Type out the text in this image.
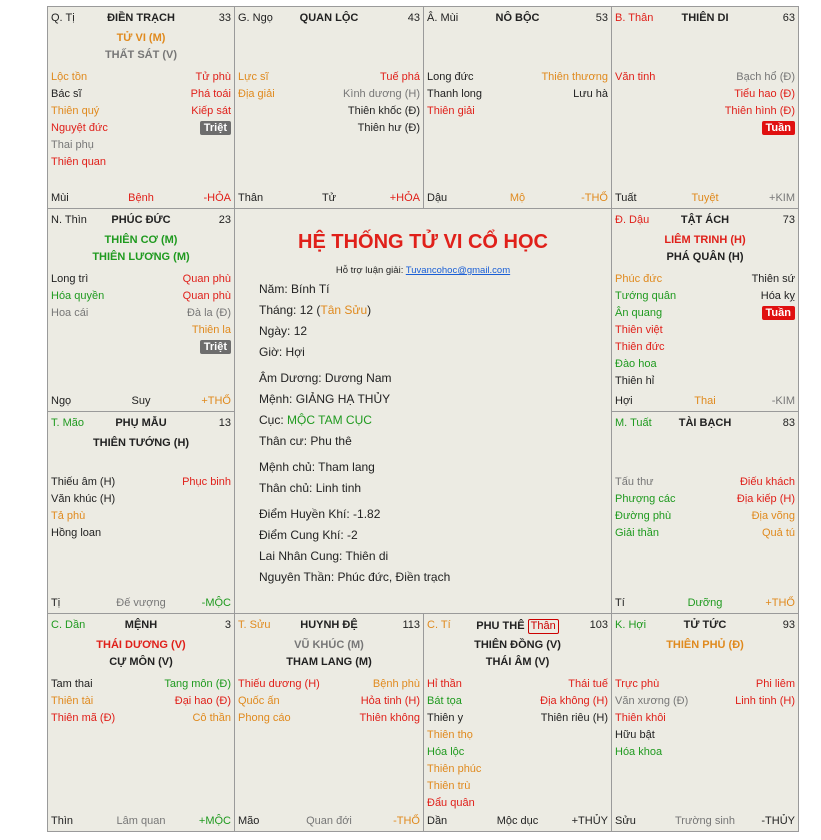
HỆ THỐNG TỬ VI CỔ HỌC
Hỗ trợ luận giải: Tuvancohoc@gmail.com
Năm: Bính Tí
Tháng: 12 (Tân Sửu)
Ngày: 12
Giờ: Hợi
Âm Dương: Dương Nam
Mệnh: GIẢNG HẠ THỦY
Cục: MỘC TAM CỤC
Thân cư: Phu thê
Mệnh chủ: Tham lang
Thân chủ: Linh tinh
Điểm Huyền Khí: -1.82
Điểm Cung Khí: -2
Lai Nhân Cung: Thiên di
Nguyên Thần: Phúc đức, Điền trạch
Q. Tị	ĐIỀN TRẠCH	33
TỬ VI (M)
THẤT SÁT (V)
Lộc tồn	Tử phù
Bác sĩ	Phá toái
Thiên quý	Kiếp sát
Nguyệt đức	Triệt
Thai phụ
Thiên quan
Mùi	Bệnh	-HỎA
G. Ngọ	QUAN LỘC	43
Lực sĩ	Tuế phá
Địa giải	Kình dương (H)
Thiên khốc (Đ)
Thiên hư (Đ)
Thân	Tử	+HỎA
Â. Mùi	NÔ BỘC	53
Long đức	Thiên thương
Thanh long	Lưu hà
Thiên giải
Dậu	Mộ	-THỔ
B. Thân	THIÊN DI	63
Văn tinh	Bạch hổ (Đ)
Tiểu hao (Đ)
Thiên hình (Đ)
Tuần
Tuất	Tuyệt	+KIM
N. Thìn	PHÚC ĐỨC	23
THIÊN CƠ (M)
THIÊN LƯƠNG (M)
Long trì	Quan phù
Hóa quyền	Quan phù
Hoa cái	Đà la (Đ)
Thiên la
Triệt
Ngọ	Suy	+THỔ
Đ. Dậu	TẬT ÁCH	73
LIÊM TRINH (H)
PHÁ QUÂN (H)
Phúc đức	Thiên sứ
Tướng quân	Hóa kỵ
Ân quang	Tuần
Thiên việt
Thiên đức
Đào hoa
Thiên hỉ
Hợi	Thai	-KIM
T. Mão	PHỤ MẪU	13
THIÊN TƯỚNG (H)
Thiếu âm (H)	Phục binh
Văn khúc (H)
Tả phù
Hồng loan
Tị	Đế vượng	-MỘC
M. Tuất	TÀI BẠCH	83
Tấu thư	Điếu khách
Phượng các	Địa kiếp (H)
Đường phù	Địa võng
Giải thần	Quả tú
Tí	Dưỡng	+THỔ
C. Dần	MỆNH	3
THÁI DƯƠNG (V)
CỰ MÔN (V)
Tam thai	Tang môn (Đ)
Thiên tài	Đại hao (Đ)
Thiên mã (Đ)	Cô thần
Thìn	Lâm quan	+MỘC
T. Sửu	HUYNH ĐỆ	113
VŨ KHÚC (M)
THAM LANG (M)
Thiếu dương (H)	Bệnh phù
Quốc ấn	Hỏa tinh (H)
Phong cáo	Thiên không
Mão	Quan đới	-THỔ
C. Tí	PHU THÊ Thân	103
THIÊN ĐỒNG (V)
THÁI ÂM (V)
Hỉ thần	Thái tuế
Bát tọa	Địa không (H)
Thiên y	Thiên riêu (H)
Thiên thọ
Hóa lộc
Thiên phúc
Thiên trù
Đẩu quân
Dần	Mộc dục	+THỦY
K. Hợi	TỬ TỨC	93
THIÊN PHỦ (Đ)
Trực phù	Phi liêm
Văn xương (Đ)	Linh tinh (H)
Thiên khôi
Hữu bật
Hóa khoa
Sửu	Trường sinh	-THỦY
